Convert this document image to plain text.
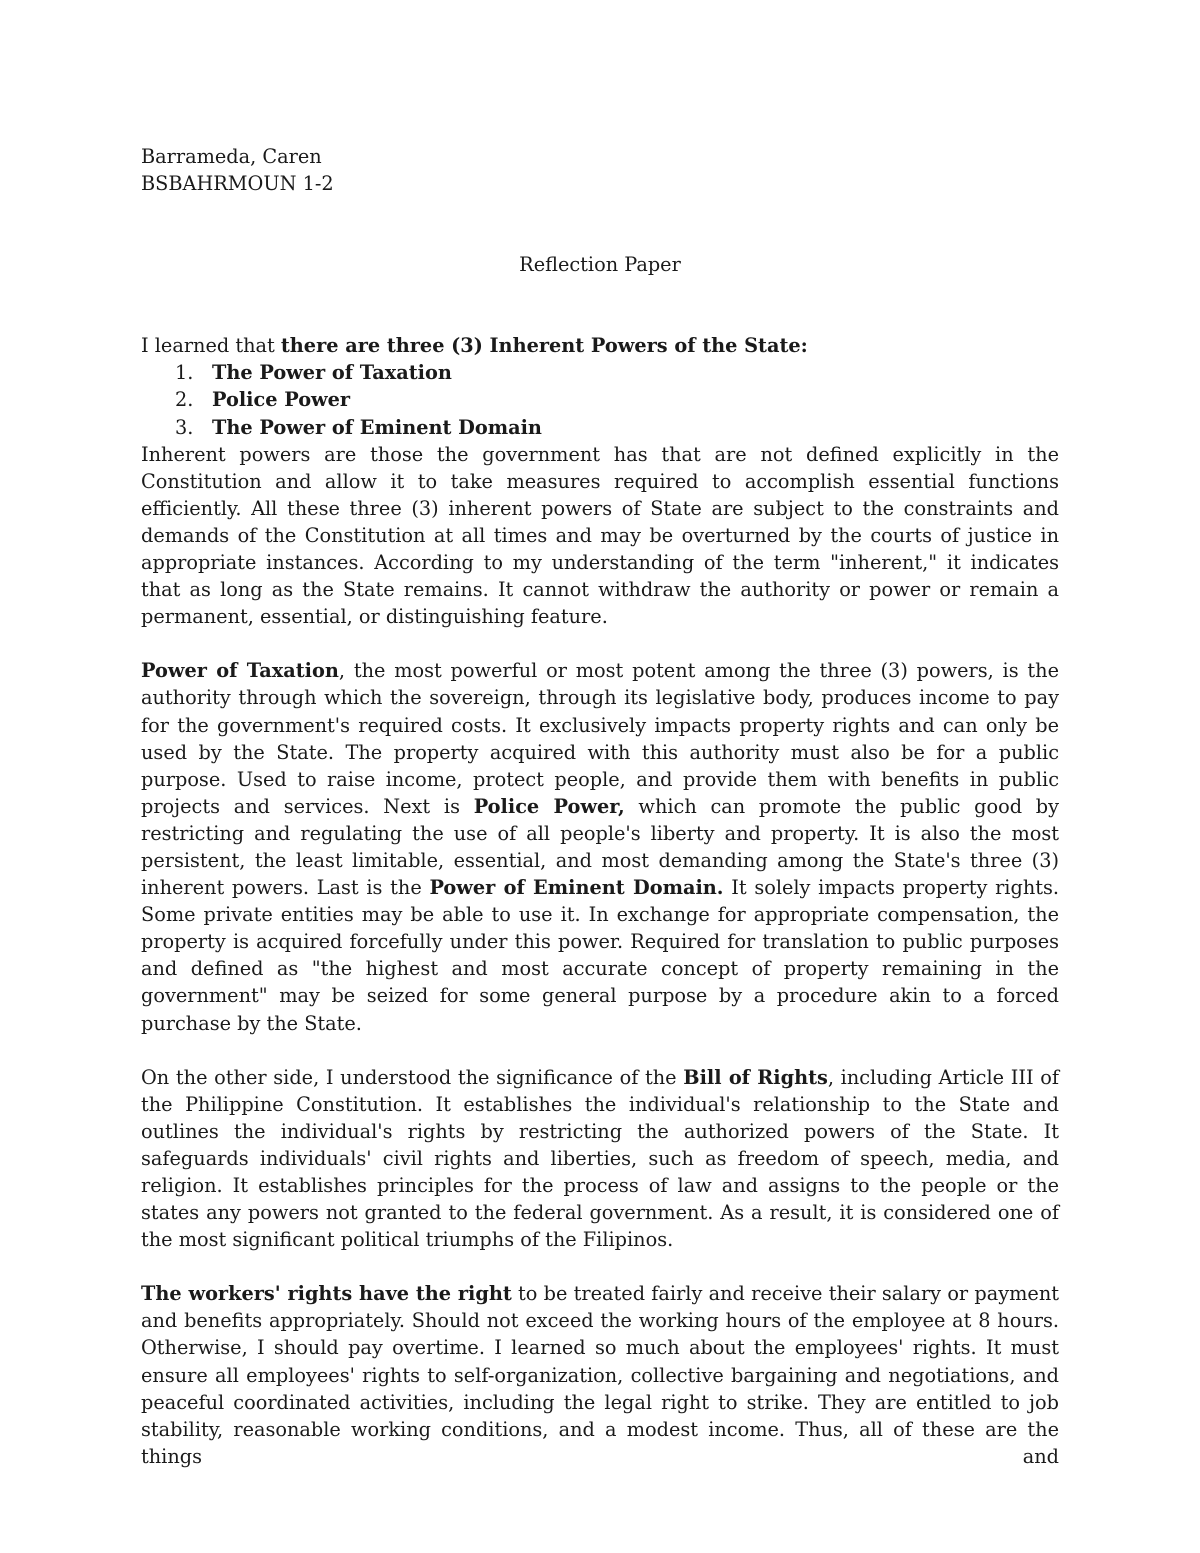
Barrameda, Caren
BSBAHRMOUN 1-2
Reflection Paper
I learned that there are three (3) Inherent Powers of the State:
1. The Power of Taxation
2. Police Power
3. The Power of Eminent Domain

Inherent powers are those the government has that are not defined explicitly in the Constitution and allow it to take measures required to accomplish essential functions efficiently. All these three (3) inherent powers of State are subject to the constraints and demands of the Constitution at all times and may be overturned by the courts of justice in appropriate instances. According to my understanding of the term "inherent," it indicates that as long as the State remains. It cannot withdraw the authority or power or remain a permanent, essential, or distinguishing feature.

Power of Taxation, the most powerful or most potent among the three (3) powers, is the authority through which the sovereign, through its legislative body, produces income to pay for the government's required costs. It exclusively impacts property rights and can only be used by the State. The property acquired with this authority must also be for a public purpose. Used to raise income, protect people, and provide them with benefits in public projects and services. Next is Police Power, which can promote the public good by restricting and regulating the use of all people's liberty and property. It is also the most persistent, the least limitable, essential, and most demanding among the State's three (3) inherent powers. Last is the Power of Eminent Domain. It solely impacts property rights. Some private entities may be able to use it. In exchange for appropriate compensation, the property is acquired forcefully under this power. Required for translation to public purposes and defined as "the highest and most accurate concept of property remaining in the government" may be seized for some general purpose by a procedure akin to a forced purchase by the State.

On the other side, I understood the significance of the Bill of Rights, including Article III of the Philippine Constitution. It establishes the individual's relationship to the State and outlines the individual's rights by restricting the authorized powers of the State. It safeguards individuals' civil rights and liberties, such as freedom of speech, media, and religion. It establishes principles for the process of law and assigns to the people or the states any powers not granted to the federal government. As a result, it is considered one of the most significant political triumphs of the Filipinos.

The workers' rights have the right to be treated fairly and receive their salary or payment and benefits appropriately. Should not exceed the working hours of the employee at 8 hours. Otherwise, I should pay overtime. I learned so much about the employees' rights. It must ensure all employees' rights to self-organization, collective bargaining and negotiations, and peaceful coordinated activities, including the legal right to strike. They are entitled to job stability, reasonable working conditions, and a modest income. Thus, all of these are the things and
